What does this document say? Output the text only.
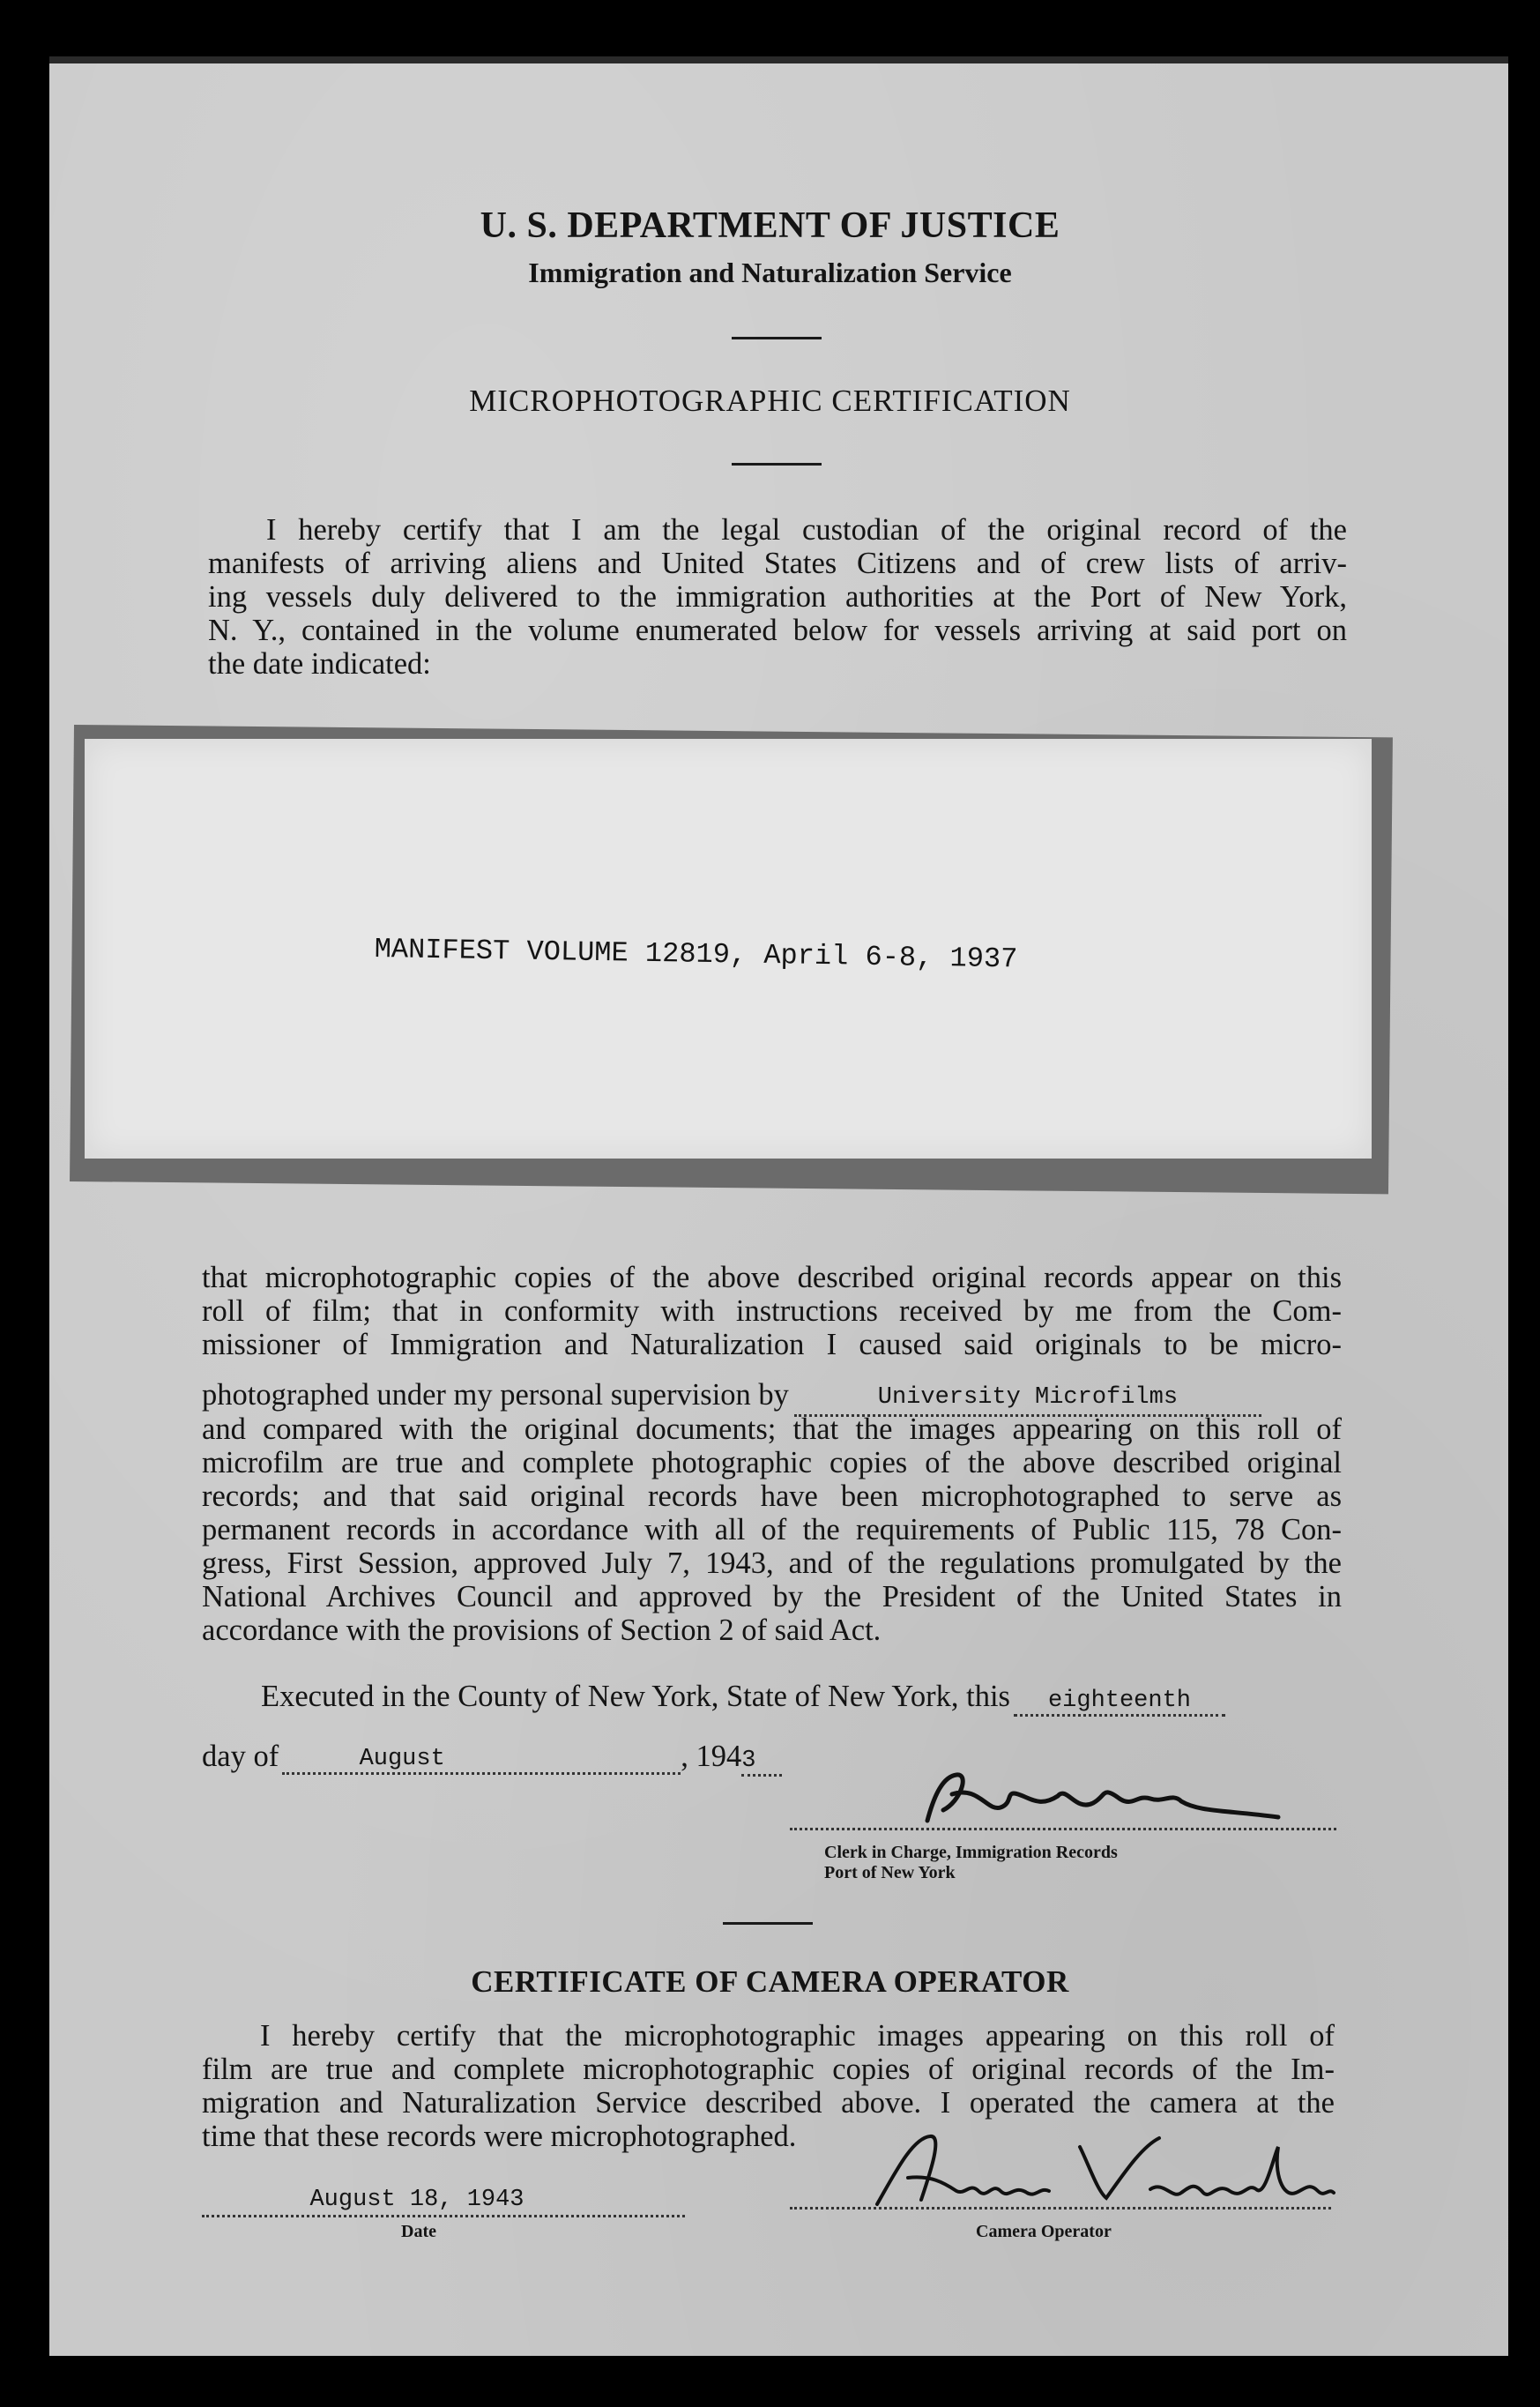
U. S. DEPARTMENT OF JUSTICE
Immigration and Naturalization Service
MICROPHOTOGRAPHIC CERTIFICATION
I hereby certify that I am the legal custodian of the original record of the
manifests of arriving aliens and United States Citizens and of crew lists of arriv-
ing vessels duly delivered to the immigration authorities at the Port of New York,
N. Y., contained in the volume enumerated below for vessels arriving at said port on
the date indicated:
MANIFEST VOLUME 12819, April 6-8, 1937
that microphotographic copies of the above described original records appear on this
roll of film; that in conformity with instructions received by me from the Com-
missioner of Immigration and Naturalization I caused said originals to be micro-
photographed under my personal supervision by	University Microfilms
and compared with the original documents; that the images appearing on this roll of
microfilm are true and complete photographic copies of the above described original
records; and that said original records have been microphotographed to serve as
permanent records in accordance with all of the requirements of Public 115, 78 Con-
gress, First Session, approved July 7, 1943, and of the regulations promulgated by the
National Archives Council and approved by the President of the United States in
accordance with the provisions of Section 2 of said Act.
Executed in the County of New York, State of New York, this eighteenth
day of	August	, 1943
Clerk in Charge, Immigration Records
Port of New York
CERTIFICATE OF CAMERA OPERATOR
I hereby certify that the microphotographic images appearing on this roll of
film are true and complete microphotographic copies of original records of the Im-
migration and Naturalization Service described above. I operated the camera at the
time that these records were microphotographed.
August 18, 1943
Date	Camera Operator
